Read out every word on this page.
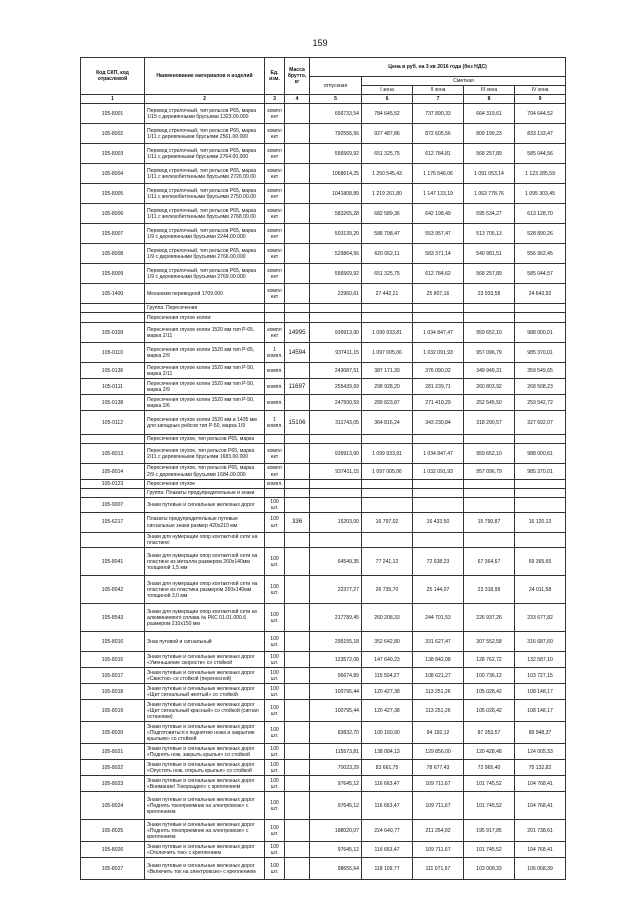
159
Код СКП, код отраслевой	Наименование материалов и изделий	Ед. изм.	Масса брутто, кг	Цена в руб. на 3 кв 2016 года (без НДС)				
				отпускная	Сметная			
					I зона	II зона	III зона	IV зона
1	2	3	4	5	6	7	8	9
105-8001	Перевод стрелочный, тип рельсов Р65, марка 1/15 с деревянными брусьями 1323.00.000	компл ект		656733,54	784 645,52	737 890,33	664 319,61	704 644,52
105-8002	Перевод стрелочный, тип рельсов Р65, марка 1/11 с деревянными брусьями 2561.00.000	компл ект		792555,56	927 487,86	872 605,56	809 199,23	833 133,47
105-8003	Перевод стрелочный, тип рельсов Р65, марка 1/11 с деревянными брусьями 2764.00.000	компл ект		556569,92	651 325,75	612 784,81	568 257,89	585 044,56
105-8004	Перевод стрелочный, тип рельсов Р65, марка 1/11 с железобетонными брусьями 2726.00.00	компл ект		1068614,25	1 250 545,43	1 176 546,06	1 091 053,14	1 123 285,59
105-8005	Перевод стрелочный, тип рельсов Р65, марка 1/11 с железобетонными брусьями 2750.00.00	компл ект		1041808,89	1 219 261,80	1 147 133,19	1 063 778,76	1 095 303,45
105-8006	Перевод стрелочный, тип рельсов Р65, марка 1/11 с железобетонными брусьями 2768.00.00	компл ект		583265,28	682 589,36	642 198,49	595 534,27	613 128,70
105-8007	Перевод стрелочный, тип рельсов Р65, марка 1/9 с деревянными брусьями 2244.00.000	компл ект		503139,20	588 798,47	553 957,47	513 705,13	528 890,26
105-8008	Перевод стрелочный, тип рельсов Р65, марка 1/9 с деревянными брусьями 2766.00.000	компл ект		529864,56	620 062,11	583 371,14	540 981,51	556 962,45
105-8009	Перевод стрелочный, тип рельсов Р65, марка 1/9 с деревянными брусьями 2769.00.000	компл ект		556569,92	651 325,75	612 784,62	568 257,89	585 044,57
105-1400	Механизм переводной 1709.000	компл ект		22960,61	27 442,21	25 807,16	23 933,58	24 643,92
	Группа: Пересечения							
	Пересечения глухое колеи:							
105-0109	Пересечения глухое колеи 1520 мм тип Р-65, марка 2/11	компл ект	14995	939913,90	1 099 933,81	1 034 847,47	959 652,10	988 000,01
105-0110	Пересечения глухое колеи 1520 мм тип Р-65, марка 2/9	1 компл.	14594	937411,15	1 097 005,06	1 032 091,93	957 096,79	985 370,01
105-0136	Пересечения глухое колеи 1520 мм тип Р-50, марка 2/11	компл.		243087,51	387 171,30	376 090,02	349 949,31	359 549,65
105-0111	Пересечения глухое колеи 1520 мм тип Р-50, марка 2/9	компл.	11697	255439,69	298 928,20	281 239,71	260 803,92	268 508,23
105-0138	Пересечения глухое колеи 1520 мм тип Р-50, марка 2/6	компл.		247500,59	289 823,87	271 410,29	252 545,50	259 542,72
105-0112	Пересечения глухое колеи 1520 мм и 1435 мм для западных рейсов тип Р-50, марка 1/9	1 компл.	15106	311743,05	364 816,24	343 230,84	318 290,57	327 692,07
	Пересечения глухое, тип рельсов Р65, марка							
105-8013	Пересечения глухое, тип рельсов Р65, марка 2/11 с деревянными брусьями 1683.00.000	компл ект		939913,90	1 099 933,91	1 034 847,47	959 652,10	988 000,61
105-8014	Пересечения глухое, тип рельсов Р65, марка 2/9 с деревянными брусьями 1684.00.000	компл ект		937411,15	1 097 005,06	1 032 091,93	957 096,79	985 370,01
105-0123	Пересечения глухое	компл.						
	Группа: Плакаты предупредительные и знаки							
105-9007	Знаки путевые и сигнальные железных дорог	100 шт.						
105-6217	Плакаты предупредительные путевые сигнальные знаки размер 420х210 мм	100 шт.	336	15203,00	16 797,02	16 433,50	15 790,87	16 120,13
	Знаки для нумерации опор контактной сети на пластине:							
105-8041	Знаки для нумерации опор контактной сети на пластине из металла размером 260х140мм толщиной 1,5 мм	100 шт.		64549,35	77 241,12	72 638,23	67 364,67	69 365,65
105-8042	Знаки для нумерации опор контактной сети на пластине из пластика размером 260х140мм толщиной 3,0 мм	100 шт.		22377,27	26 735,70	25 144,07	23 318,99	24 011,58
105-8543	Знаки для нумерации опор контактной сети из алюминиевого сплава № РКС 01.01.000.6 размером 210х150 мм	100 шт.		217789,45	260 208,33	244 701,53	226 937,26	233 677,82
105-8016	Знак путевой и сигнальный	100 шт.		295155,18	352 642,80	331 627,47	307 552,58	316 687,60
105-8015	Знаки путевые и сигнальные железных дорог «Уменьшение скорости» со стойкой	100 шт.		123572,08	147 640,23	138 842,08	128 762,72	132 587,10
105-8017	Знаки путевые и сигнальные железных дорог «Свисток» со стойкой (переносной)	100 шт.		96674,89	115 504,27	108 621,27	100 736,12	103 727,15
105-8018	Знаки путевые и сигнальные железных дорог «Щит сигнальный желтый» со стойкой	100 шт.		100795,44	120 427,38	113 251,26	105 028,42	108 148,17
105-8019	Знаки путевые и сигнальные железных дорог «Щит сигнальный красный» со стойкой (сигнал остановки)	100 шт.		100795,44	120 427,38	113 251,26	105 028,42	108 148,17
105-8020	Знаки путевые и сигнальные железных дорог «Подготовиться к поднятию ножа и закрытию крыльев» со стойкой	100 шт.		83832,70	100 160,90	94 192,12	87 353,57	89 948,37
105-8021	Знаки путевые и сигнальные железных дорог «Поднять нож, закрыть крылья» со стойкой	100 шт.		115573,81	138 084,13	129 856,00	120 428,48	124 005,33
105-8022	Знаки путевые и сигнальные железных дорог «Опустить нож, открыть крылья» со стойкой	100 шт.		70023,29	83 661,75	78 677,43	72 965,40	75 132,82
105-8023	Знаки путевые и сигнальные железных дорог «Внимание! Токораздел» с креплением	100 шт.		97645,12	116 663,47	109 711,67	101 745,52	104 768,41
105-8024	Знаки путевые и сигнальные железных дорог «Поднять токоприемник на электровозе» с креплением	100 шт.		97645,12	116 663,47	109 711,67	101 745,52	104 768,41
105-8025	Знаки путевые и сигнальные железных дорог «Поднять токоприемник на электровозе» с креплением	100 шт.		188020,07	224 640,77	211 254,92	195 917,85	201 738,61
105-8026	Знаки путевые и сигнальные железных дорог «Отключить ток» с креплением	100 шт.		97645,12	116 663,47	109 711,67	101 745,52	104 768,41
105-8027	Знаки путевые и сигнальные железных дорог «Включить ток на электровозе» с креплением	100 шт.		98655,64	118 109,77	111 071,67	103 008,33	106 068,39
